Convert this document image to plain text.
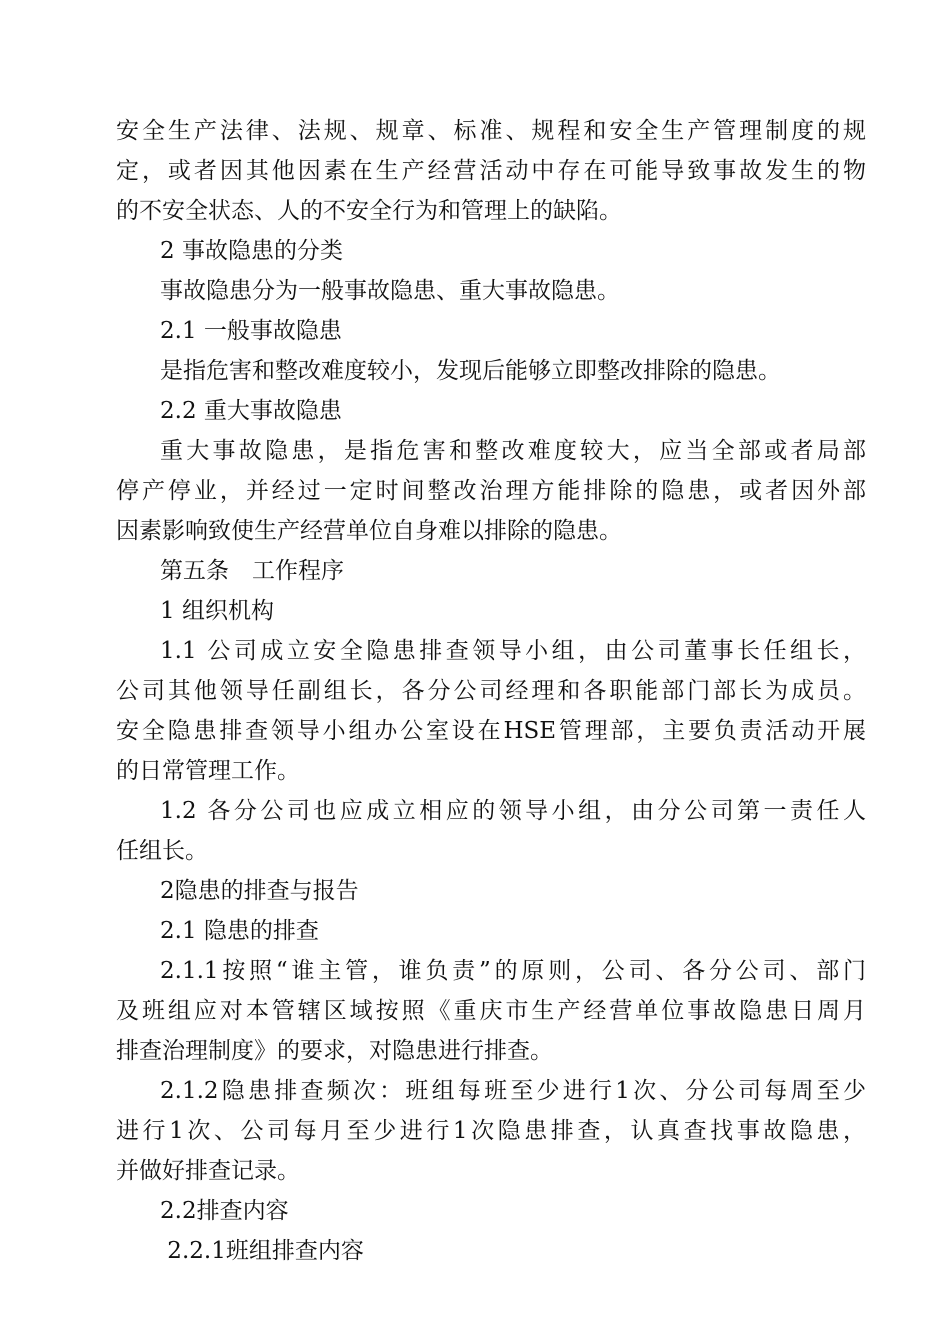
安全生产法律、法规、规章、标准、规程和安全生产管理制度的规
定，或者因其他因素在生产经营活动中存在可能导致事故发生的物
的不安全状态、人的不安全行为和管理上的缺陷。
2 事故隐患的分类
事故隐患分为一般事故隐患、重大事故隐患。
2.1 一般事故隐患
是指危害和整改难度较小，发现后能够立即整改排除的隐患。
2.2 重大事故隐患
重大事故隐患，是指危害和整改难度较大，应当全部或者局部
停产停业，并经过一定时间整改治理方能排除的隐患，或者因外部
因素影响致使生产经营单位自身难以排除的隐患。
第五条　工作程序
1 组织机构
1.1 公司成立安全隐患排查领导小组，由公司董事长任组长，
公司其他领导任副组长，各分公司经理和各职能部门部长为成员。
安全隐患排查领导小组办公室设在HSE管理部，主要负责活动开展
的日常管理工作。
1.2 各分公司也应成立相应的领导小组，由分公司第一责任人
任组长。
2隐患的排查与报告
2.1 隐患的排查
2.1.1按照“谁主管，谁负责”的原则，公司、各分公司、部门
及班组应对本管辖区域按照《重庆市生产经营单位事故隐患日周月
排查治理制度》的要求，对隐患进行排查。
2.1.2隐患排查频次：班组每班至少进行1次、分公司每周至少
进行1次、公司每月至少进行1次隐患排查，认真查找事故隐患，
并做好排查记录。
2.2排查内容
2.2.1班组排查内容
